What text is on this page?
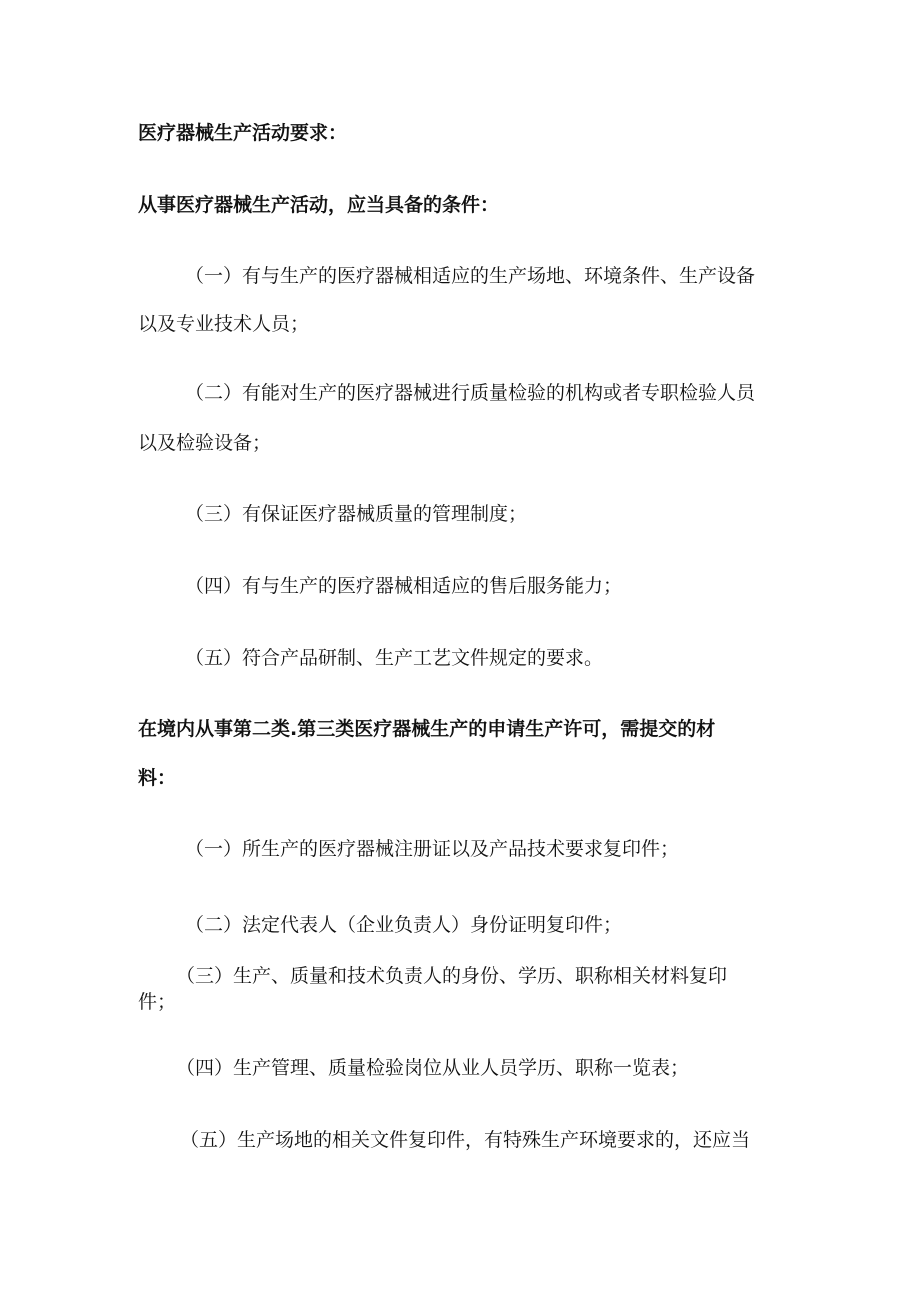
医疗器械生产活动要求：

从事医疗器械生产活动，应当具备的条件：

（一）有与生产的医疗器械相适应的生产场地、环境条件、生产设备

以及专业技术人员；

（二）有能对生产的医疗器械进行质量检验的机构或者专职检验人员

以及检验设备；

（三）有保证医疗器械质量的管理制度；

（四）有与生产的医疗器械相适应的售后服务能力；

（五）符合产品研制、生产工艺文件规定的要求。

在境内从事第二类.第三类医疗器械生产的申请生产许可，需提交的材

料：

（一）所生产的医疗器械注册证以及产品技术要求复印件；

（二）法定代表人（企业负责人）身份证明复印件；

（三）生产、质量和技术负责人的身份、学历、职称相关材料复印

件；

（四）生产管理、质量检验岗位从业人员学历、职称一览表；

（五）生产场地的相关文件复印件，有特殊生产环境要求的，还应当
